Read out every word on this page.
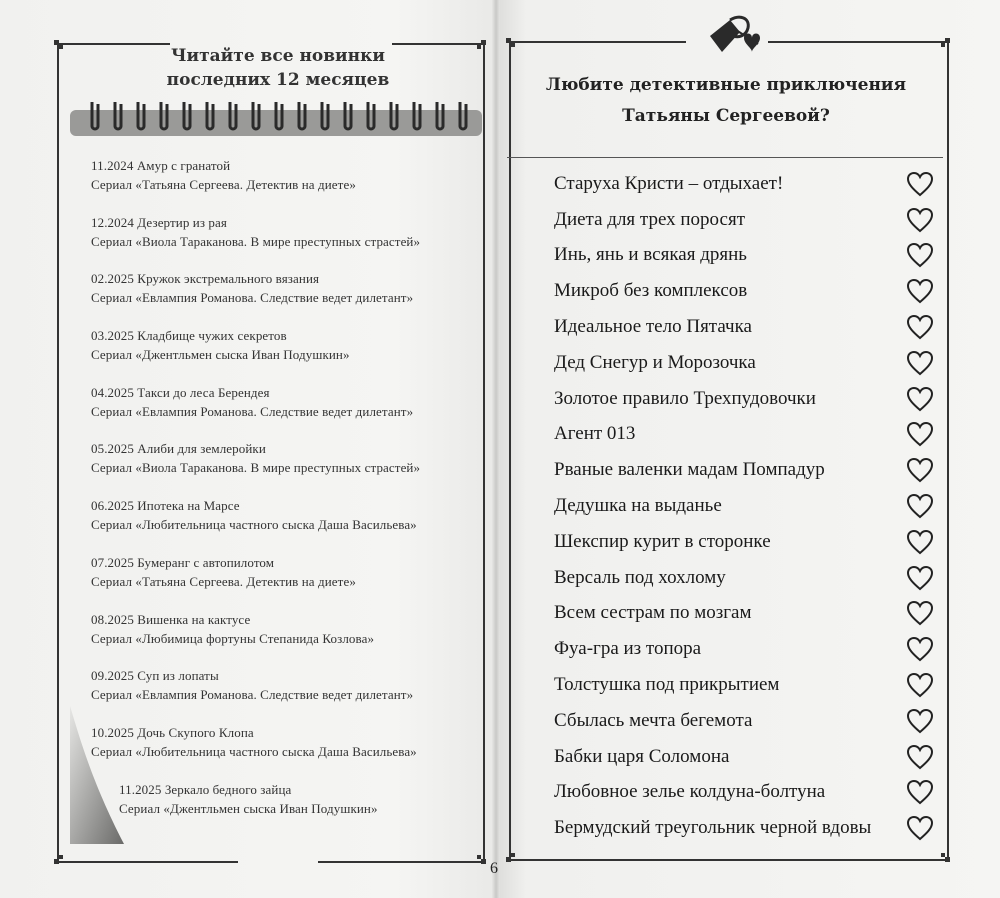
Читайте все новинки
последних 12 месяцев
11.2024 Амур с гранатой
Сериал «Татьяна Сергеева. Детектив на диете»
12.2024 Дезертир из рая
Сериал «Виола Тараканова. В мире преступных страстей»
02.2025 Кружок экстремального вязания
Сериал «Евлампия Романова. Следствие ведет дилетант»
03.2025 Кладбище чужих секретов
Сериал «Джентльмен сыска Иван Подушкин»
04.2025 Такси до леса Берендея
Сериал «Евлампия Романова. Следствие ведет дилетант»
05.2025 Алиби для землеройки
Сериал «Виола Тараканова. В мире преступных страстей»
06.2025 Ипотека на Марсе
Сериал «Любительница частного сыска Даша Васильева»
07.2025 Бумеранг с автопилотом
Сериал «Татьяна Сергеева. Детектив на диете»
08.2025 Вишенка на кактусе
Сериал «Любимица фортуны Степанида Козлова»
09.2025 Суп из лопаты
Сериал «Евлампия Романова. Следствие ведет дилетант»
10.2025 Дочь Скупого Клопа
Сериал «Любительница частного сыска Даша Васильева»
11.2025 Зеркало бедного зайца
Сериал «Джентльмен сыска Иван Подушкин»
Любите детективные приключения
Татьяны Сергеевой?
Старуха Кристи – отдыхает!
Диета для трех поросят
Инь, янь и всякая дрянь
Микроб без комплексов
Идеальное тело Пятачка
Дед Снегур и Морозочка
Золотое правило Трехпудовочки
Агент 013
Рваные валенки мадам Помпадур
Дедушка на выданье
Шекспир курит в сторонке
Версаль под хохлому
Всем сестрам по мозгам
Фуа-гра из топора
Толстушка под прикрытием
Сбылась мечта бегемота
Бабки царя Соломона
Любовное зелье колдуна-болтуна
Бермудский треугольник черной вдовы
6
